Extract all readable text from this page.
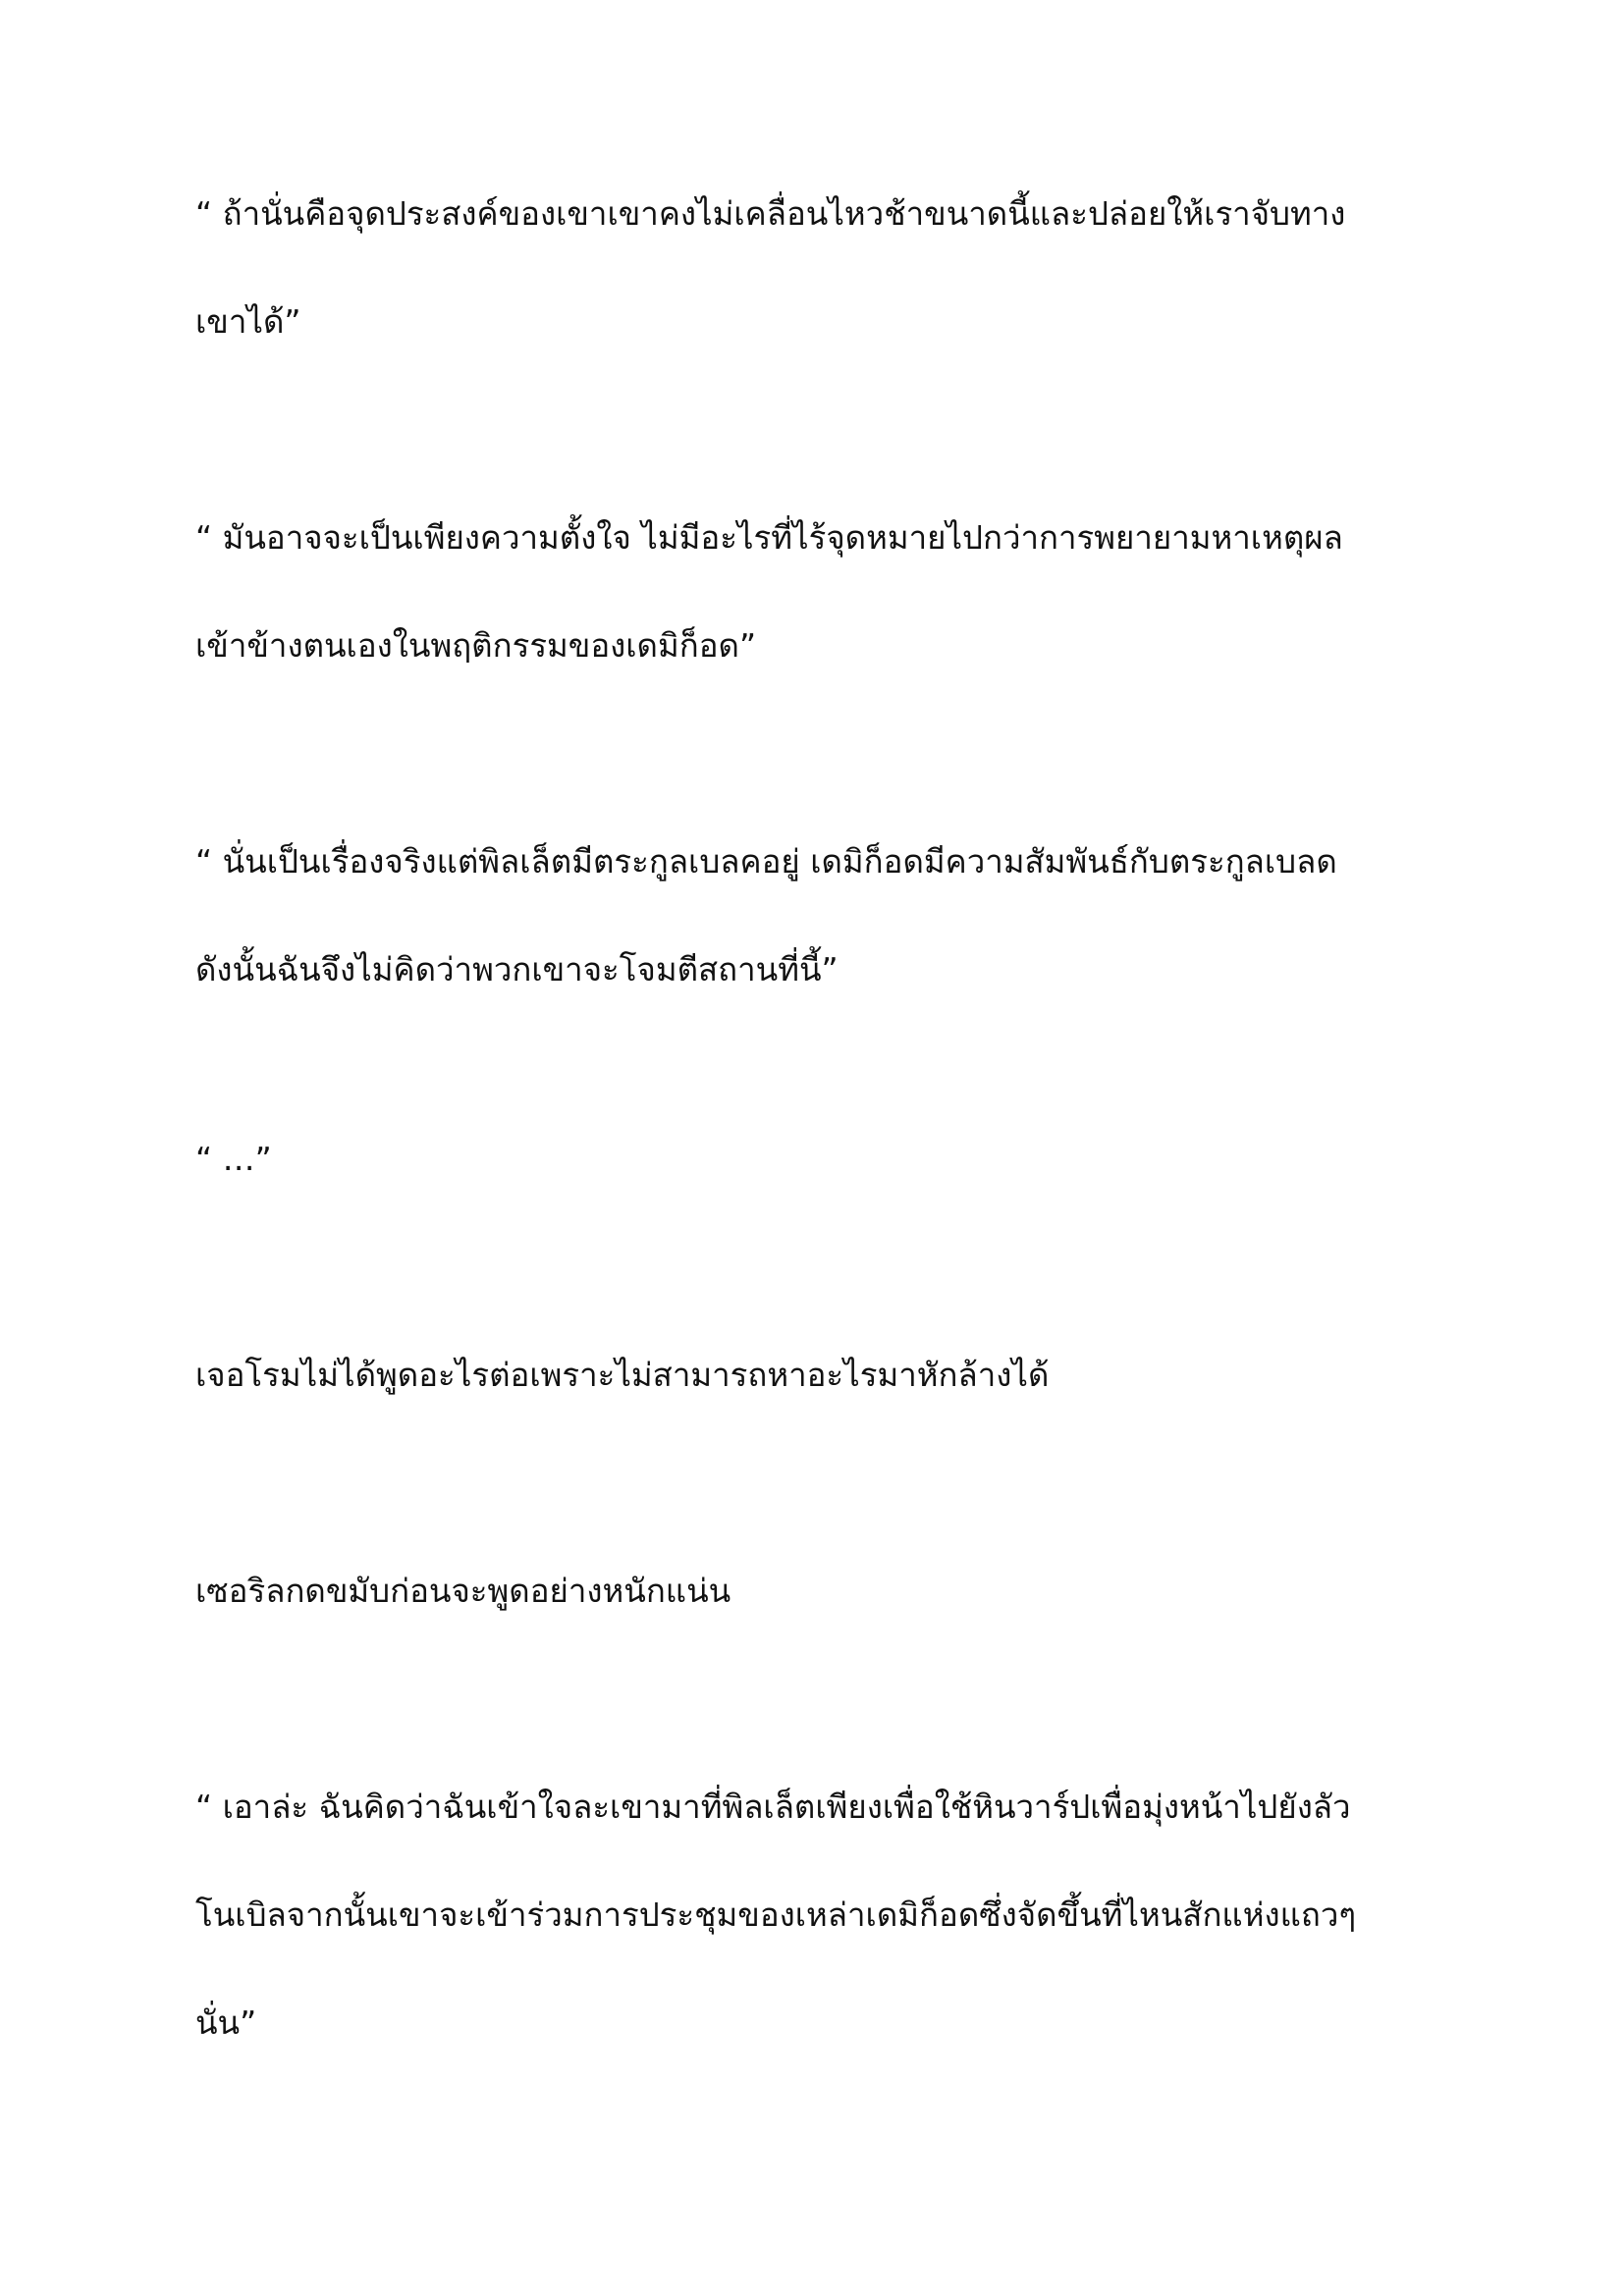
“ ถ้านั่นคือจุดประสงค์ของเขาเขาคงไม่เคลื่อนไหวช้าขนาดนี้และปล่อยให้เราจับทาง
เขาได้”
“ มันอาจจะเป็นเพียงความตั้งใจ ไม่มีอะไรที่ไร้จุดหมายไปกว่าการพยายามหาเหตุผล
เข้าข้างตนเองในพฤติกรรมของเดมิก็อด”
“ นั่นเป็นเรื่องจริงแต่พิลเล็ตมีตระกูลเบลคอยู่ เดมิก็อดมีความสัมพันธ์กับตระกูลเบลด
ดังนั้นฉันจึงไม่คิดว่าพวกเขาจะโจมตีสถานที่นี้”
“ …”
เจอโรมไม่ได้พูดอะไรต่อเพราะไม่สามารถหาอะไรมาหักล้างได้
เซอริลกดขมับก่อนจะพูดอย่างหนักแน่น
“ เอาล่ะ ฉันคิดว่าฉันเข้าใจละเขามาที่พิลเล็ตเพียงเพื่อใช้หินวาร์ปเพื่อมุ่งหน้าไปยังลัว
โนเบิลจากนั้นเขาจะเข้าร่วมการประชุมของเหล่าเดมิก็อดซึ่งจัดขึ้นที่ไหนสักแห่งแถวๆ
นั่น”
